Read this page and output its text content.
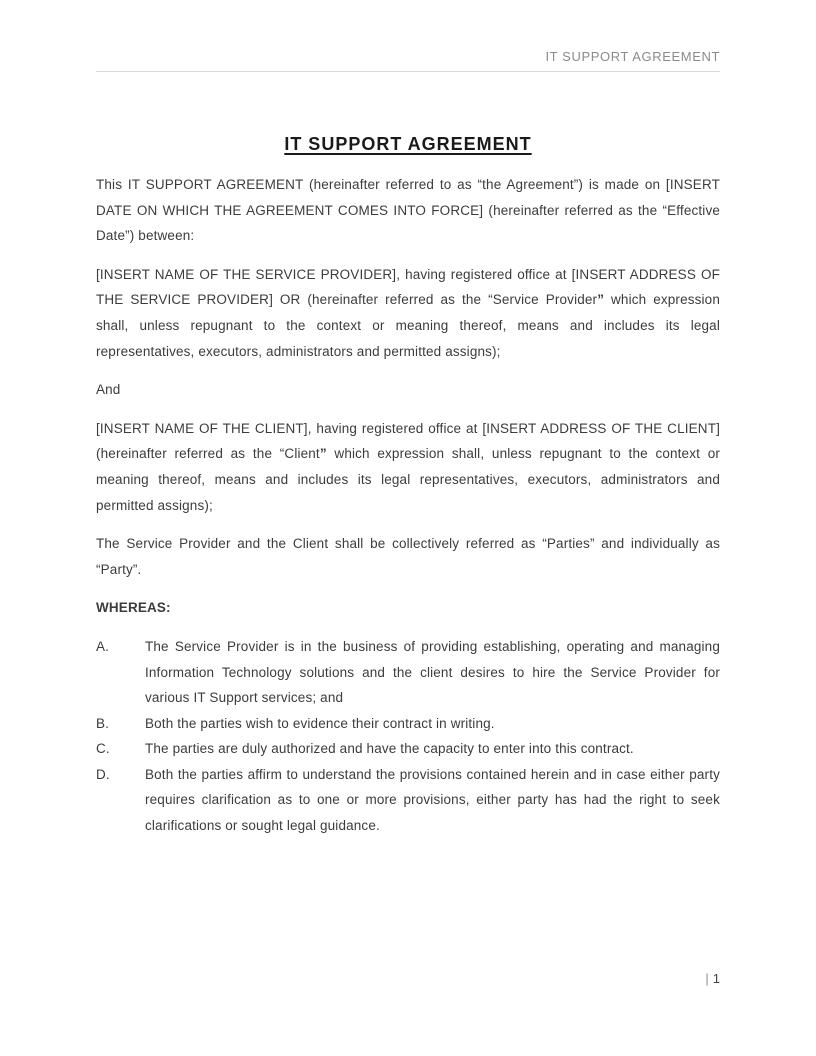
IT SUPPORT AGREEMENT
IT SUPPORT AGREEMENT

This IT SUPPORT AGREEMENT (hereinafter referred to as “the Agreement”) is made on [INSERT DATE ON WHICH THE AGREEMENT COMES INTO FORCE] (hereinafter referred as the “Effective Date”) between:

[INSERT NAME OF THE SERVICE PROVIDER], having registered office at [INSERT ADDRESS OF THE SERVICE PROVIDER] OR (hereinafter referred as the “Service Provider” which expression shall, unless repugnant to the context or meaning thereof, means and includes its legal representatives, executors, administrators and permitted assigns);

And

[INSERT NAME OF THE CLIENT], having registered office at [INSERT ADDRESS OF THE CLIENT] (hereinafter referred as the “Client” which expression shall, unless repugnant to the context or meaning thereof, means and includes its legal representatives, executors, administrators and permitted assigns);

The Service Provider and the Client shall be collectively referred as “Parties” and individually as “Party”.

WHEREAS:

A.	The Service Provider is in the business of providing establishing, operating and managing Information Technology solutions and the client desires to hire the Service Provider for various IT Support services; and
B.	Both the parties wish to evidence their contract in writing.
C.	The parties are duly authorized and have the capacity to enter into this contract.
D.	Both the parties affirm to understand the provisions contained herein and in case either party requires clarification as to one or more provisions, either party has had the right to seek clarifications or sought legal guidance.
| 1
